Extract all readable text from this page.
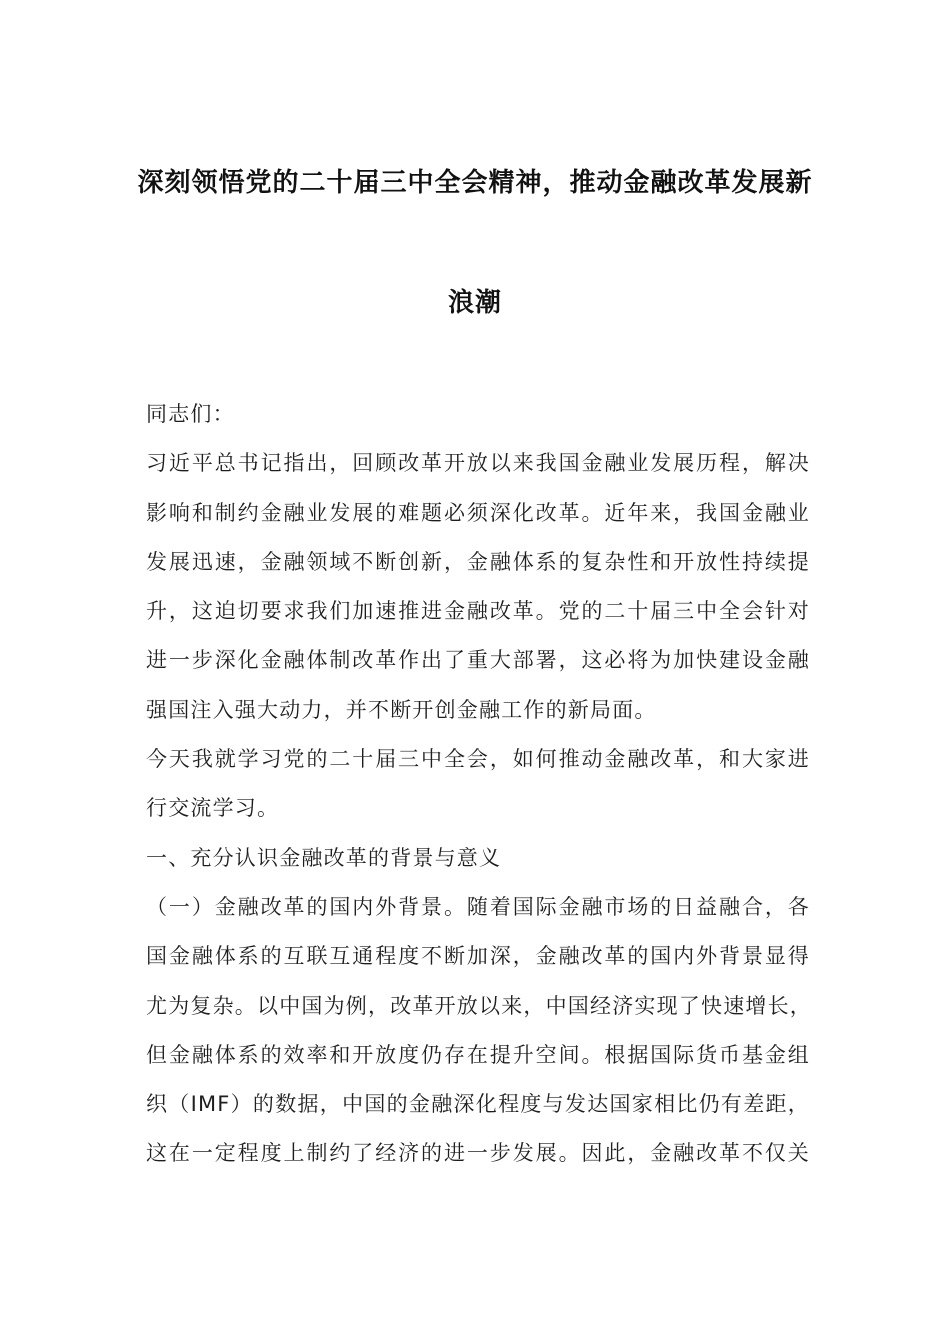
深刻领悟党的二十届三中全会精神，推动金融改革发展新
浪潮
同志们：
习近平总书记指出，回顾改革开放以来我国金融业发展历程，解决
影响和制约金融业发展的难题必须深化改革。近年来，我国金融业
发展迅速，金融领域不断创新，金融体系的复杂性和开放性持续提
升，这迫切要求我们加速推进金融改革。党的二十届三中全会针对
进一步深化金融体制改革作出了重大部署，这必将为加快建设金融
强国注入强大动力，并不断开创金融工作的新局面。
今天我就学习党的二十届三中全会，如何推动金融改革，和大家进
行交流学习。
一、充分认识金融改革的背景与意义
（一）金融改革的国内外背景。随着国际金融市场的日益融合，各
国金融体系的互联互通程度不断加深，金融改革的国内外背景显得
尤为复杂。以中国为例，改革开放以来，中国经济实现了快速增长，
但金融体系的效率和开放度仍存在提升空间。根据国际货币基金组
织（IMF）的数据，中国的金融深化程度与发达国家相比仍有差距，
这在一定程度上制约了经济的进一步发展。因此，金融改革不仅关
